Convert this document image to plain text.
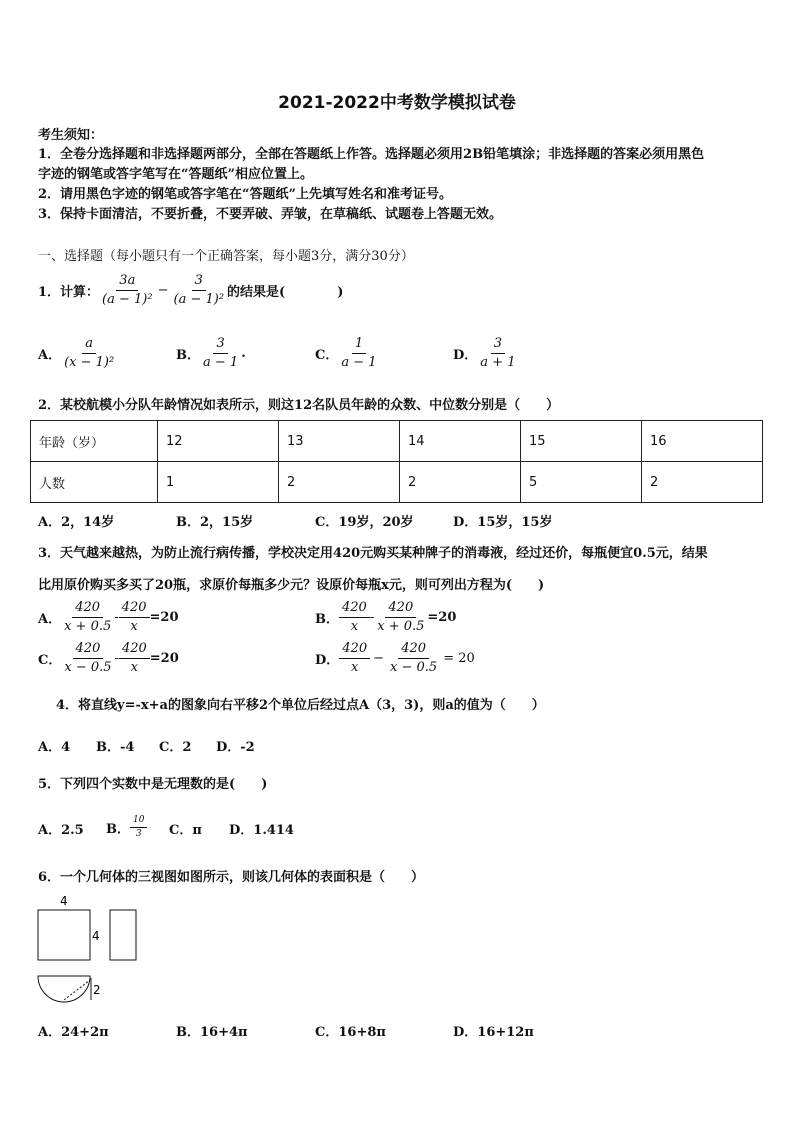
2021-2022中考数学模拟试卷
考生须知：
1．全卷分选择题和非选择题两部分，全部在答题纸上作答。选择题必须用2B铅笔填涂；非选择题的答案必须用黑色
字迹的钢笔或答字笔写在“答题纸”相应位置上。
2．请用黑色字迹的钢笔或答字笔在“答题纸”上先填写姓名和准考证号。
3．保持卡面清洁，不要折叠，不要弄破、弄皱，在草稿纸、试题卷上答题无效。
一、选择题（每小题只有一个正确答案，每小题3分，满分30分）
1．计算： $\frac{3a}{\text{(a − 1)²}} - \frac{3}{\text{(a − 1)²}}$ 的结果是(　　　　)
A． $\frac{a}{\text{(x − 1)²}}$	B． $\frac{3}{a - 1}$ .	C． $\frac{1}{a - 1}$	D． $\frac{3}{a + 1}$
2．某校航模小分队年龄情况如表所示，则这12名队员年龄的众数、中位数分别是（　　）
年龄（岁）	12	13	14	15	16
人数	1	2	2	5	2
A．2，14岁	B．2，15岁	C．19岁，20岁	D．15岁，15岁
3．天气越来越热，为防止流行病传播，学校决定用420元购买某种牌子的消毒液，经过还价，每瓶便宜0.5元，结果
比用原价购买多买了20瓶，求原价每瓶多少元？设原价每瓶x元，则可列出方程为(　　)
A． $\frac{420}{x + 0.5} - \frac{420}{x} =20$	B． $\frac{420}{x} - \frac{420}{x + 0.5} =20$
C． $\frac{420}{x - 0.5} - \frac{420}{x} =20$	D． $\frac{420}{x} - \frac{420}{x - 0.5} = 20$
4．将直线y=-x+a的图象向右平移2个单位后经过点A（3，3)，则a的值为（　　）
A．4 B．-4 C．2 D．-2
5．下列四个实数中是无理数的是(　　)
A．2.5 B． $\frac{10}{3}$ C．π D．1.414
6．一个几何体的三视图如图所示，则该几何体的表面积是（　　）
4
4
2
A．24+2π	B．16+4π	C．16+8π	D．16+12π
